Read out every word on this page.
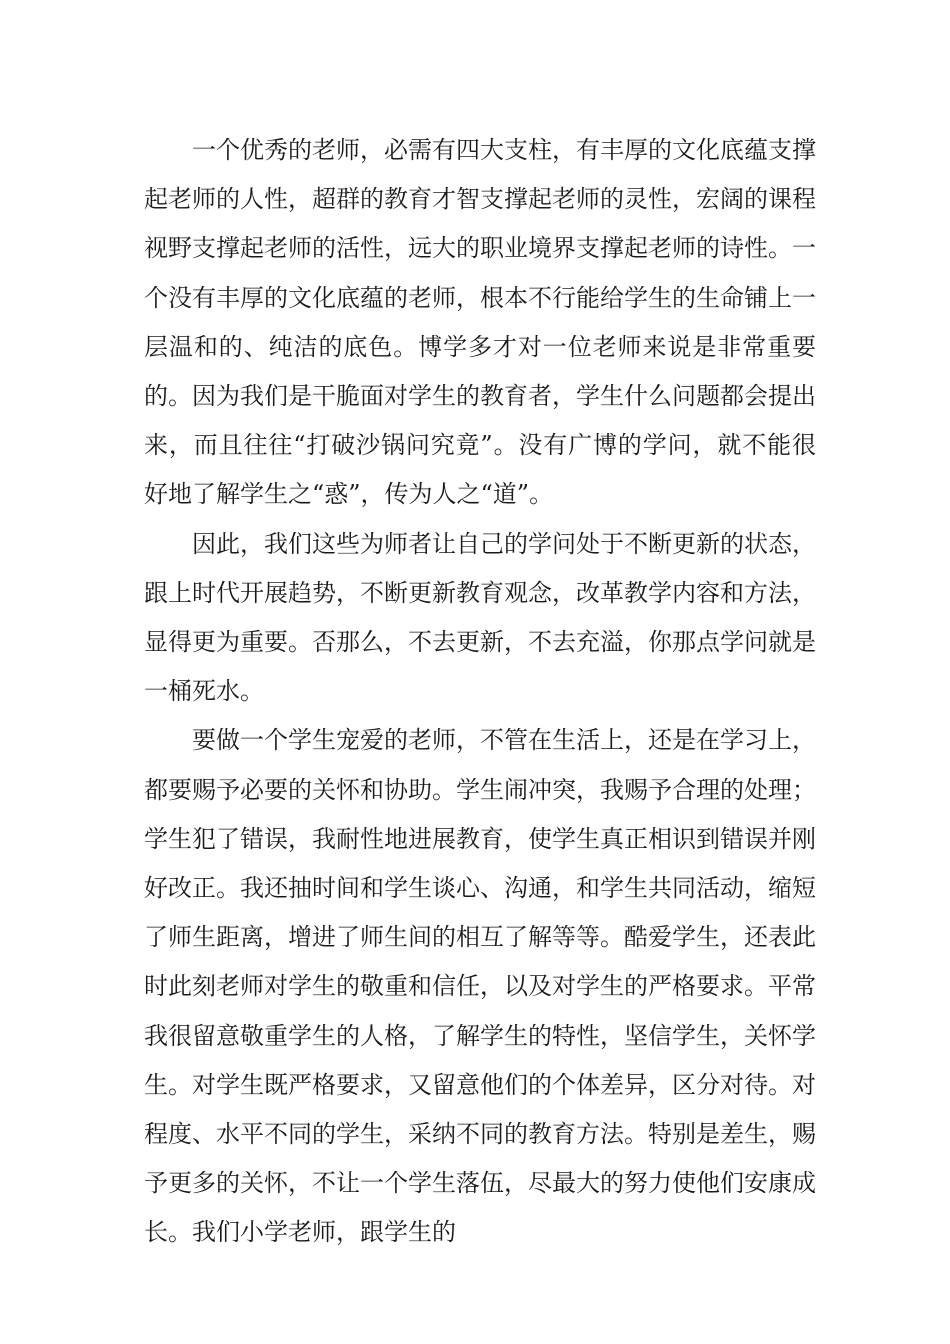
一个优秀的老师，必需有四大支柱，有丰厚的文化底蕴支撑起老师的人性，超群的教育才智支撑起老师的灵性，宏阔的课程视野支撑起老师的活性，远大的职业境界支撑起老师的诗性。一个没有丰厚的文化底蕴的老师，根本不行能给学生的生命铺上一层温和的、纯洁的底色。博学多才对一位老师来说是非常重要的。因为我们是干脆面对学生的教育者，学生什么问题都会提出来，而且往往“打破沙锅问究竟”。没有广博的学问，就不能很好地了解学生之“惑”，传为人之“道”。

因此，我们这些为师者让自己的学问处于不断更新的状态，跟上时代开展趋势，不断更新教育观念，改革教学内容和方法，显得更为重要。否那么，不去更新，不去充溢，你那点学问就是一桶死水。

要做一个学生宠爱的老师，不管在生活上，还是在学习上，都要赐予必要的关怀和协助。学生闹冲突，我赐予合理的处理；学生犯了错误，我耐性地进展教育，使学生真正相识到错误并刚好改正。我还抽时间和学生谈心、沟通，和学生共同活动，缩短了师生距离，增进了师生间的相互了解等等。酷爱学生，还表此时此刻老师对学生的敬重和信任，以及对学生的严格要求。平常我很留意敬重学生的人格，了解学生的特性，坚信学生，关怀学生。对学生既严格要求，又留意他们的个体差异，区分对待。对程度、水平不同的学生，采纳不同的教育方法。特别是差生，赐予更多的关怀，不让一个学生落伍，尽最大的努力使他们安康成长。我们小学老师，跟学生的
